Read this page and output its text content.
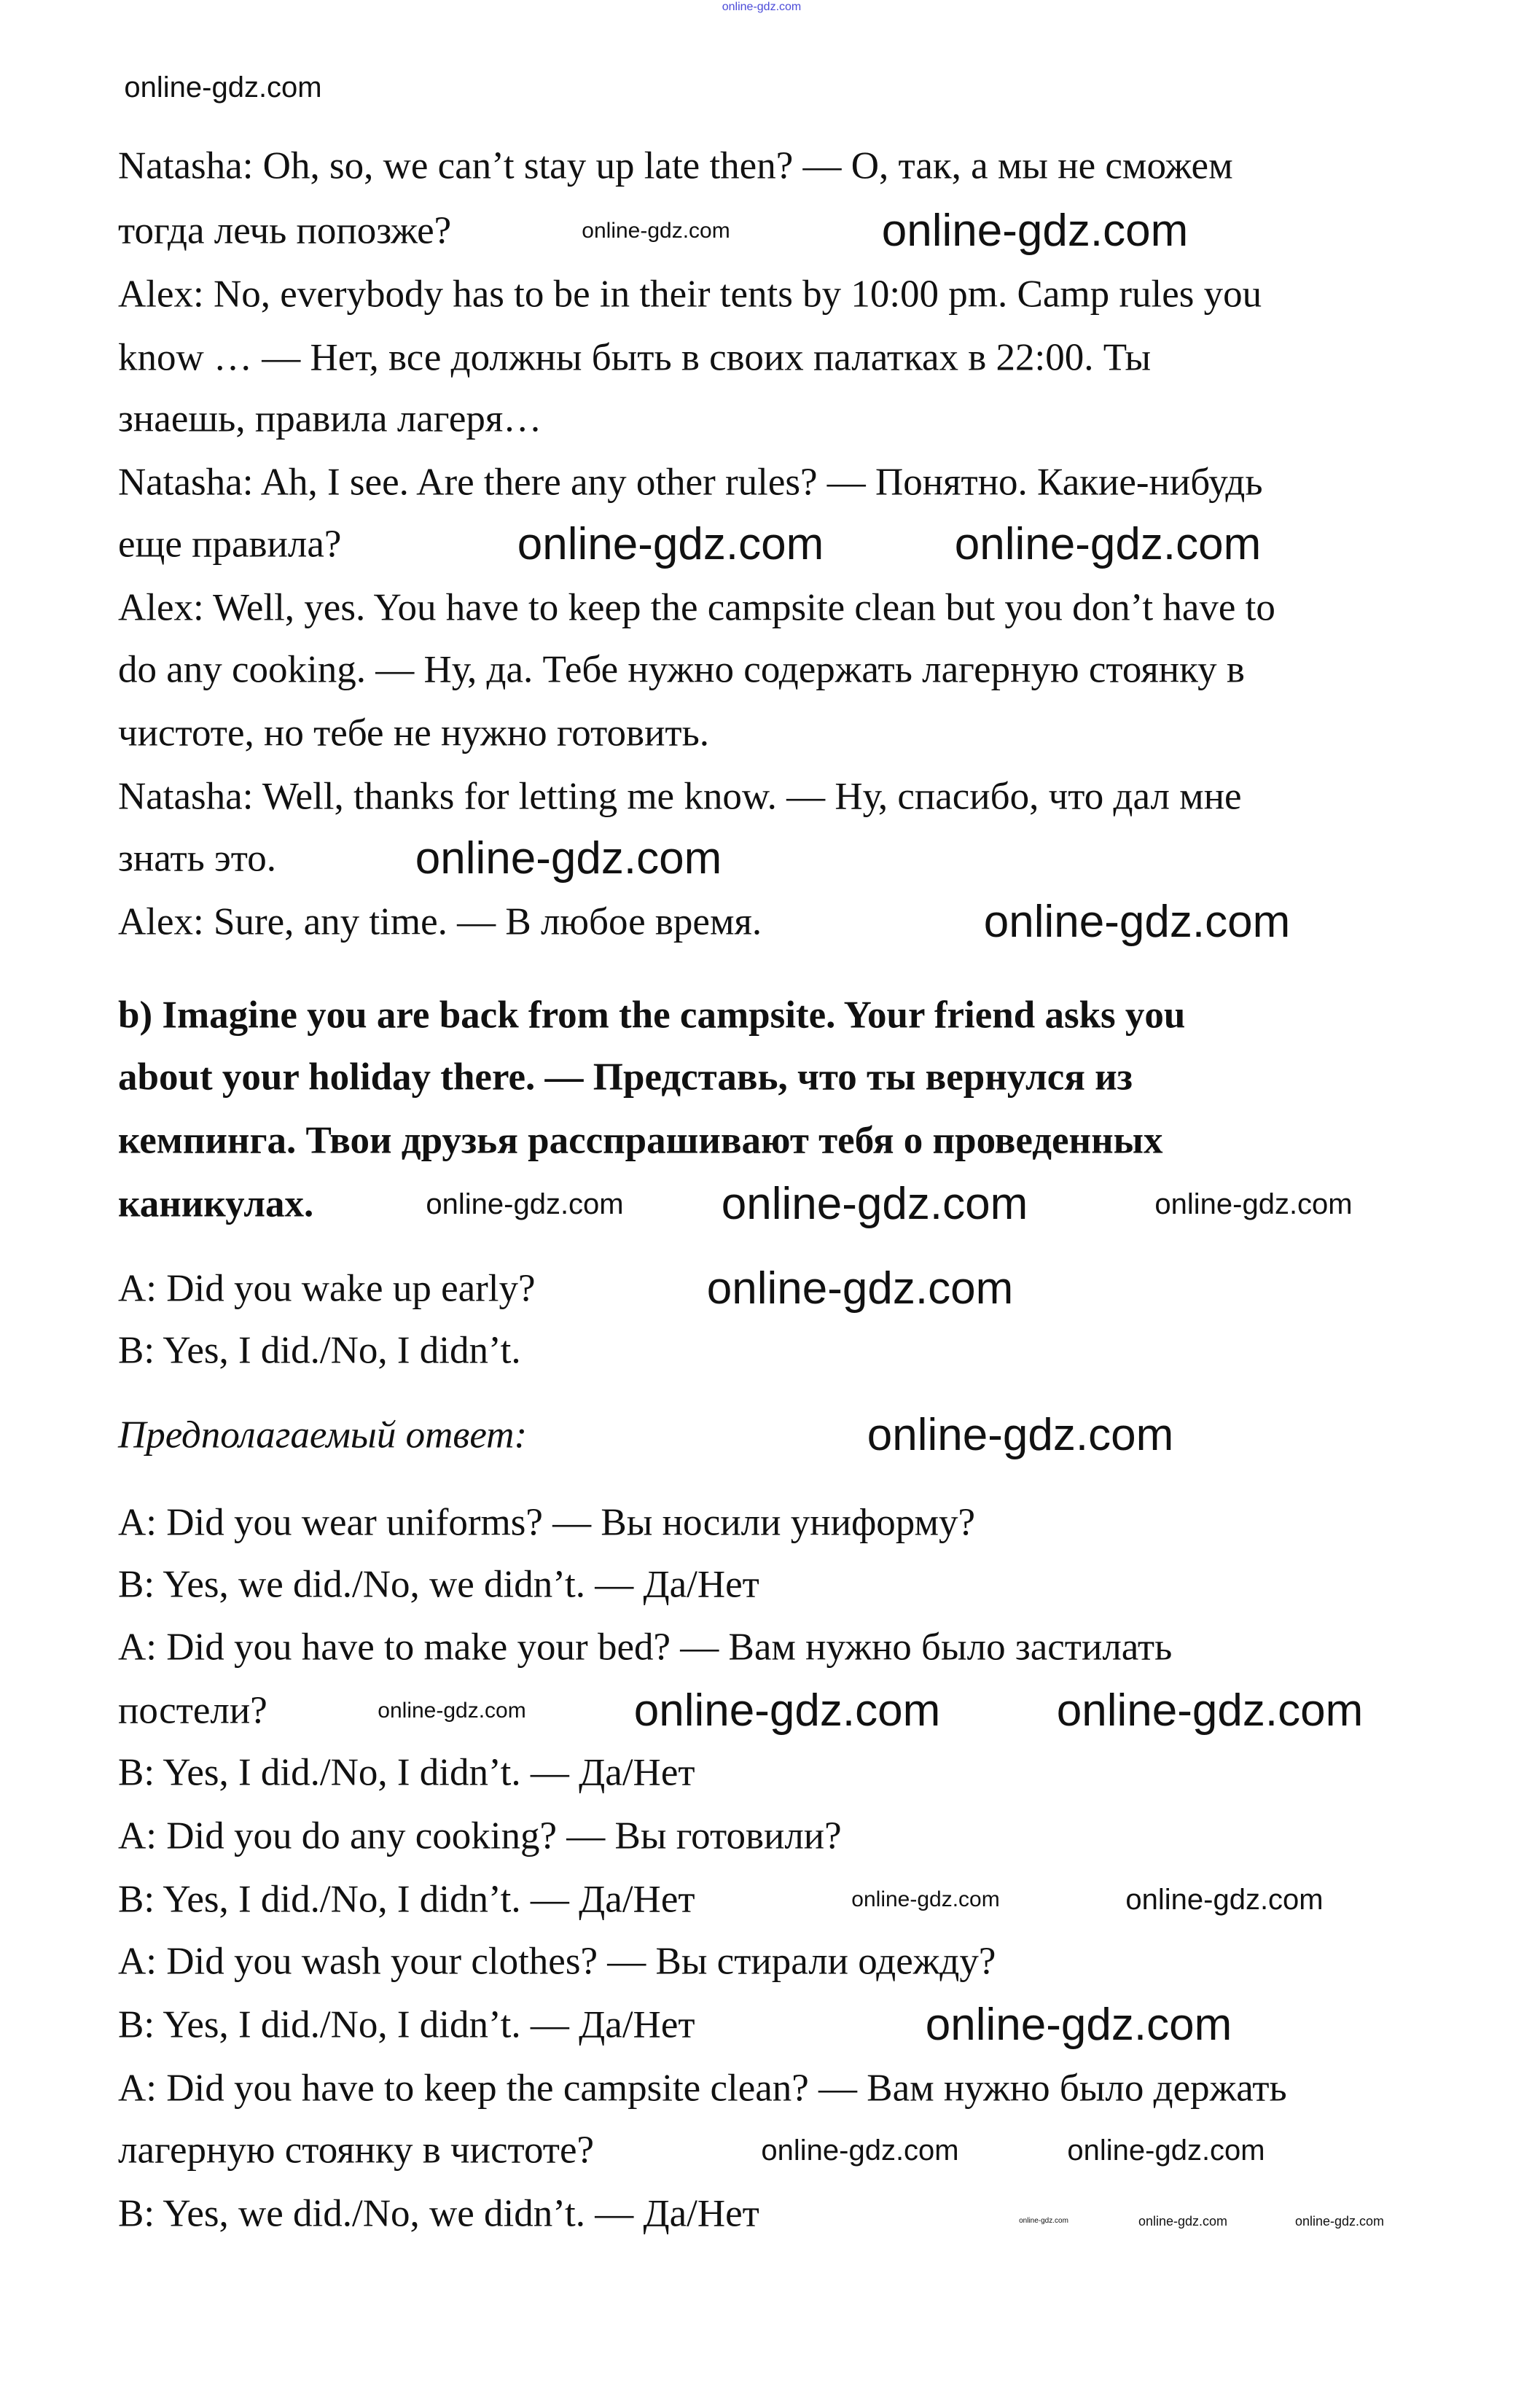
Natasha: Oh, so, we can’t stay up late then? — О, так, а мы не сможем

тогда лечь попозже?

Alex: No, everybody has to be in their tents by 10:00 pm. Camp rules you

know … — Нет, все должны быть в своих палатках в 22:00. Ты

знаешь, правила лагеря…

Natasha: Ah, I see. Are there any other rules? — Понятно. Какие-нибудь

еще правила?

Alex: Well, yes. You have to keep the campsite clean but you don’t have to

do any cooking. — Ну, да. Тебе нужно содержать лагерную стоянку в

чистоте, но тебе не нужно готовить.

Natasha: Well, thanks for letting me know. — Ну, спасибо, что дал мне

знать это.

Alex: Sure, any time. — В любое время.

b) Imagine you are back from the campsite. Your friend asks you

about your holiday there. — Представь, что ты вернулся из

кемпинга. Твои друзья расспрашивают тебя о проведенных

каникулах.

A: Did you wake up early?

B: Yes, I did./No, I didn’t.

Предполагаемый ответ:

A: Did you wear uniforms? — Вы носили униформу?

B: Yes, we did./No, we didn’t. — Да/Нет

A: Did you have to make your bed? — Вам нужно было застилать

постели?

B: Yes, I did./No, I didn’t. — Да/Нет

A: Did you do any cooking? — Вы готовили?

B: Yes, I did./No, I didn’t. — Да/Нет

A: Did you wash your clothes? — Вы стирали одежду?

B: Yes, I did./No, I didn’t. — Да/Нет

A: Did you have to keep the campsite clean? — Вам нужно было держать

лагерную стоянку в чистоте?

B: Yes, we did./No, we didn’t. — Да/Нет

online-gdz.com
online-gdz.com
online-gdz.com	online-gdz.com
online-gdz.com	online-gdz.com
online-gdz.com
online-gdz.com
online-gdz.com online-gdz.com	online-gdz.com
online-gdz.com
online-gdz.com
online-gdz.com online-gdz.com	online-gdz.com
online-gdz.com
online-gdz.com
online-gdz.com
online-gdz.com	online-gdz.com
online-gdz.com	online-gdz.com	online-gdz.com
